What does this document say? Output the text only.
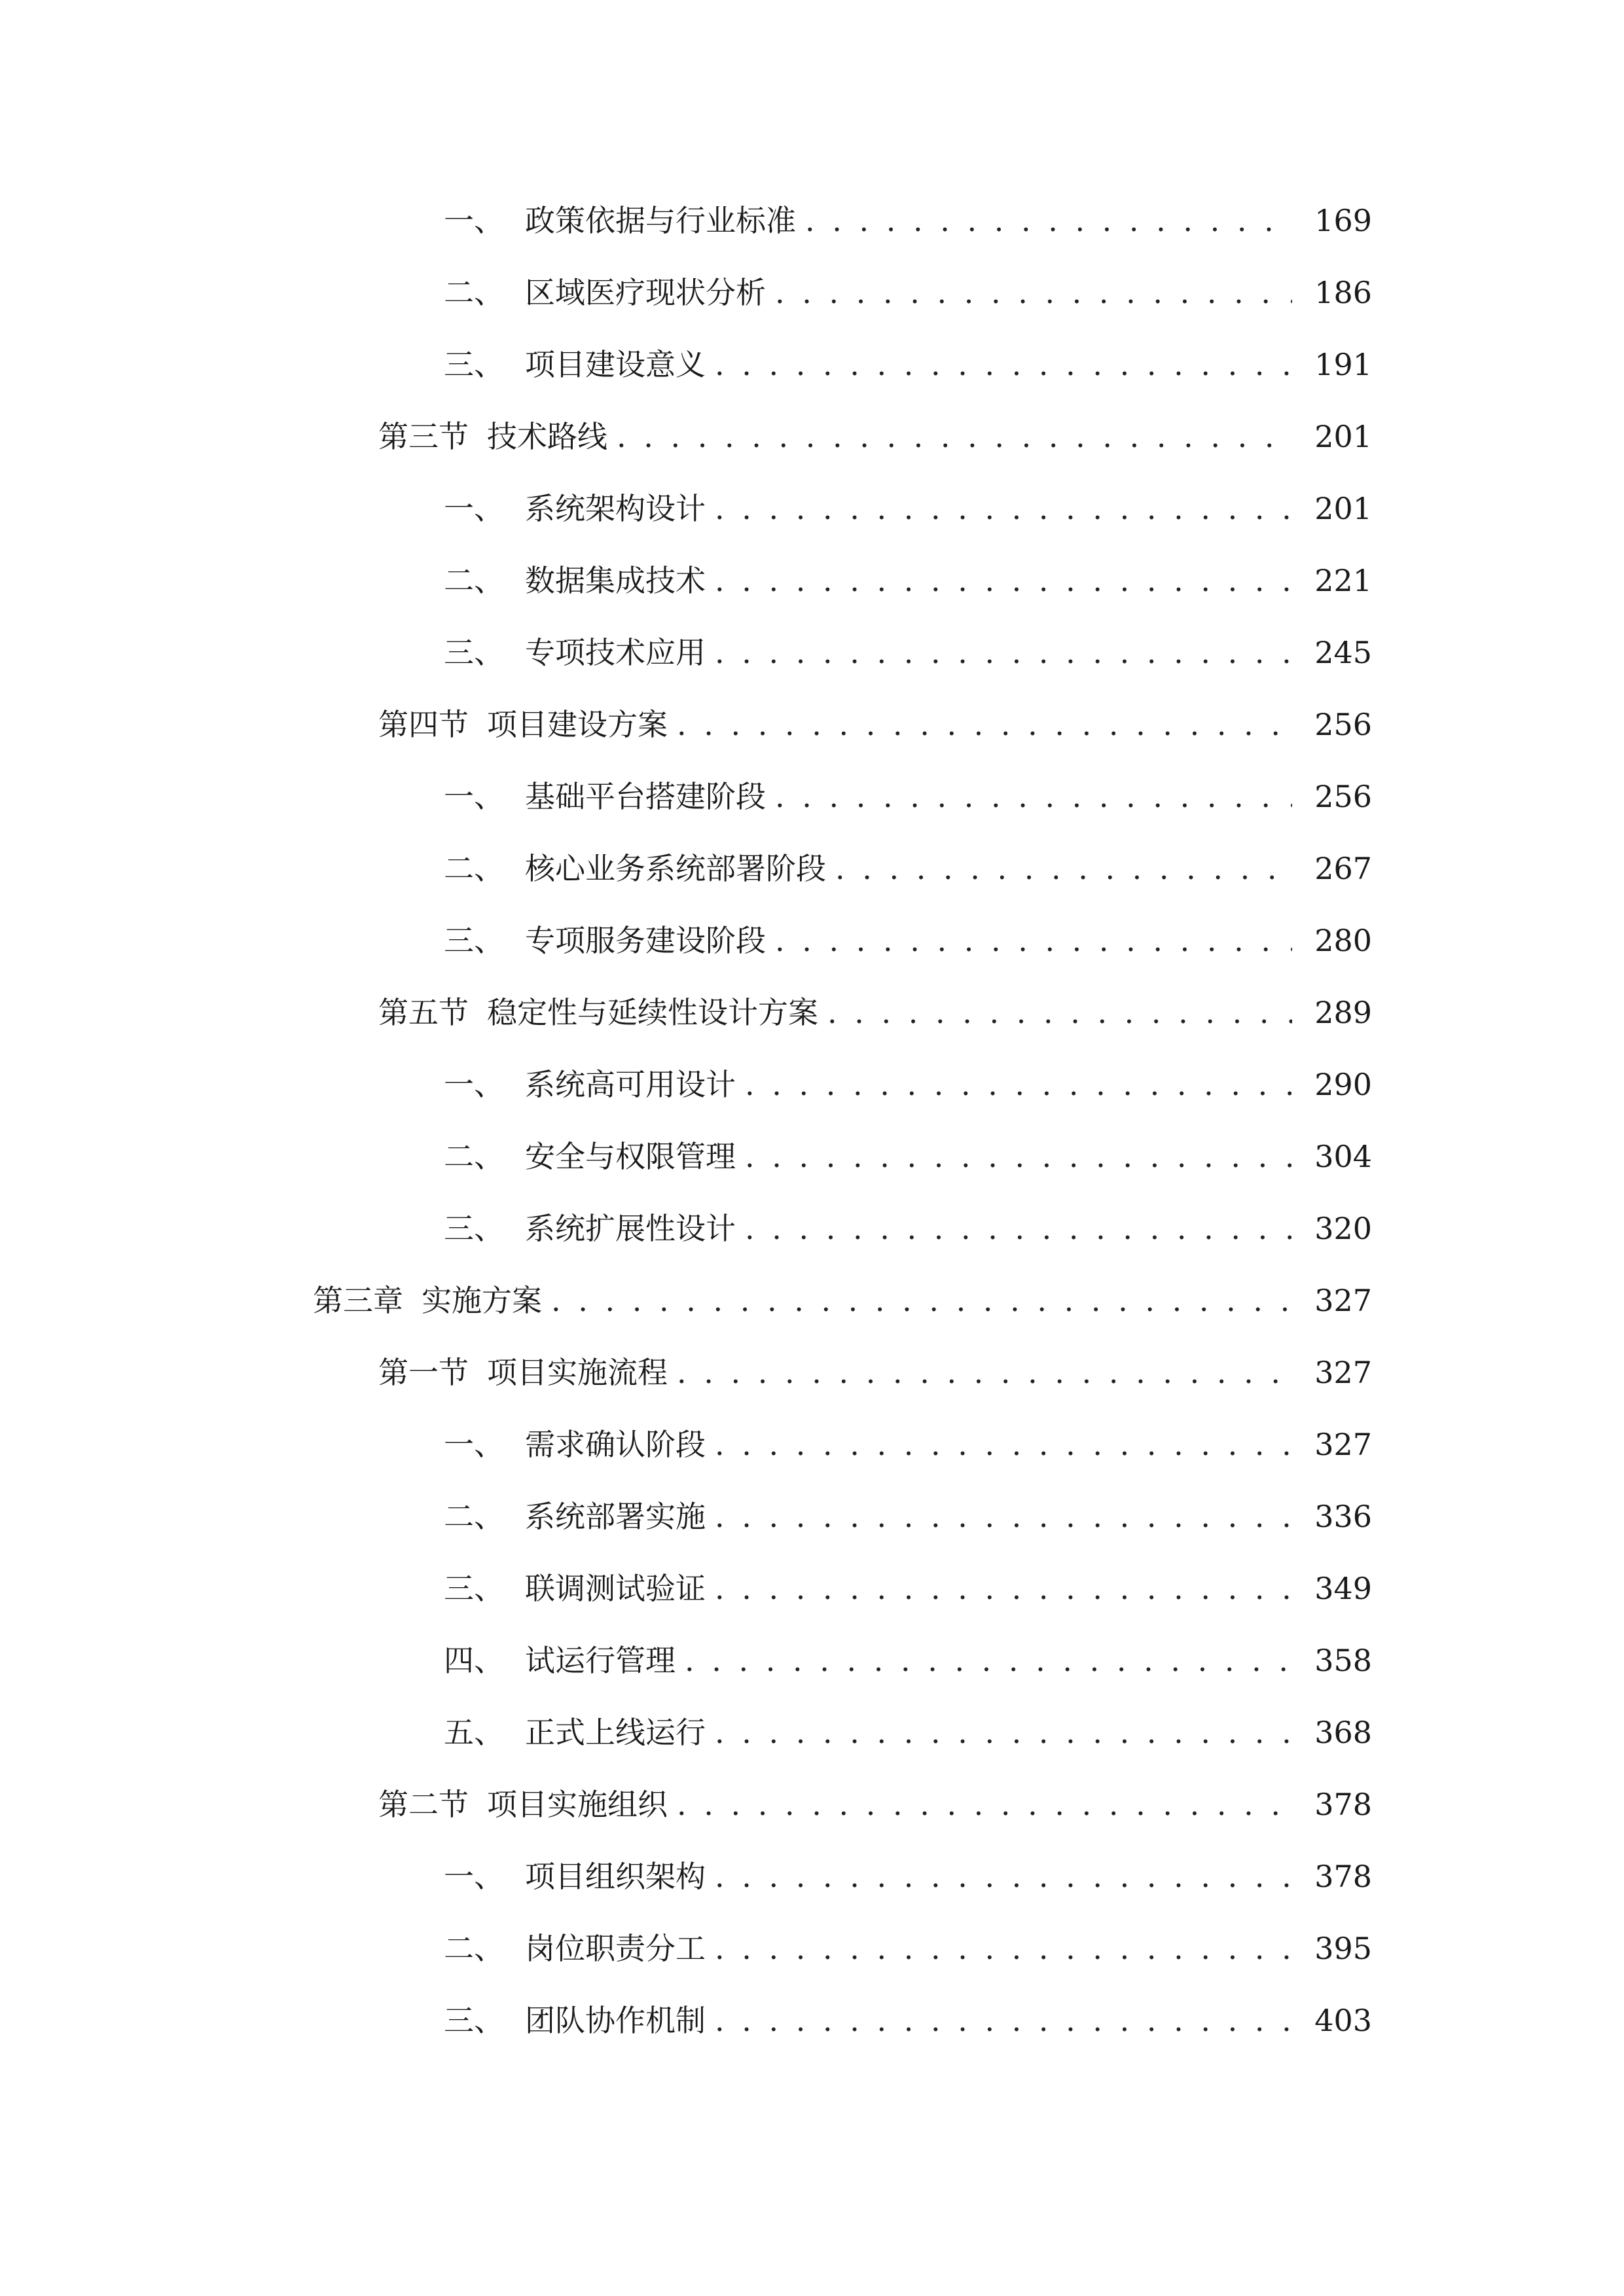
一、 政策依据与行业标准 . . .	169
二、 区域医疗现状分析 . . .	186
三、 项目建设意义 . . .	191
第三节 技术路线 . . .	201
一、 系统架构设计 . . .	201
二、 数据集成技术 . . .	221
三、 专项技术应用 . . .	245
第四节 项目建设方案 . . .	256
一、 基础平台搭建阶段 . . .	256
二、 核心业务系统部署阶段 . . .	267
三、 专项服务建设阶段 . . .	280
第五节 稳定性与延续性设计方案 . . .	289
一、 系统高可用设计 . . .	290
二、 安全与权限管理 . . .	304
三、 系统扩展性设计 . . .	320
第三章 实施方案 . . .	327
第一节 项目实施流程 . . .	327
一、 需求确认阶段 . . .	327
二、 系统部署实施 . . .	336
三、 联调测试验证 . . .	349
四、 试运行管理 . . .	358
五、 正式上线运行 . . .	368
第二节 项目实施组织 . . .	378
一、 项目组织架构 . . .	378
二、 岗位职责分工 . . .	395
三、 团队协作机制 . . .	403
